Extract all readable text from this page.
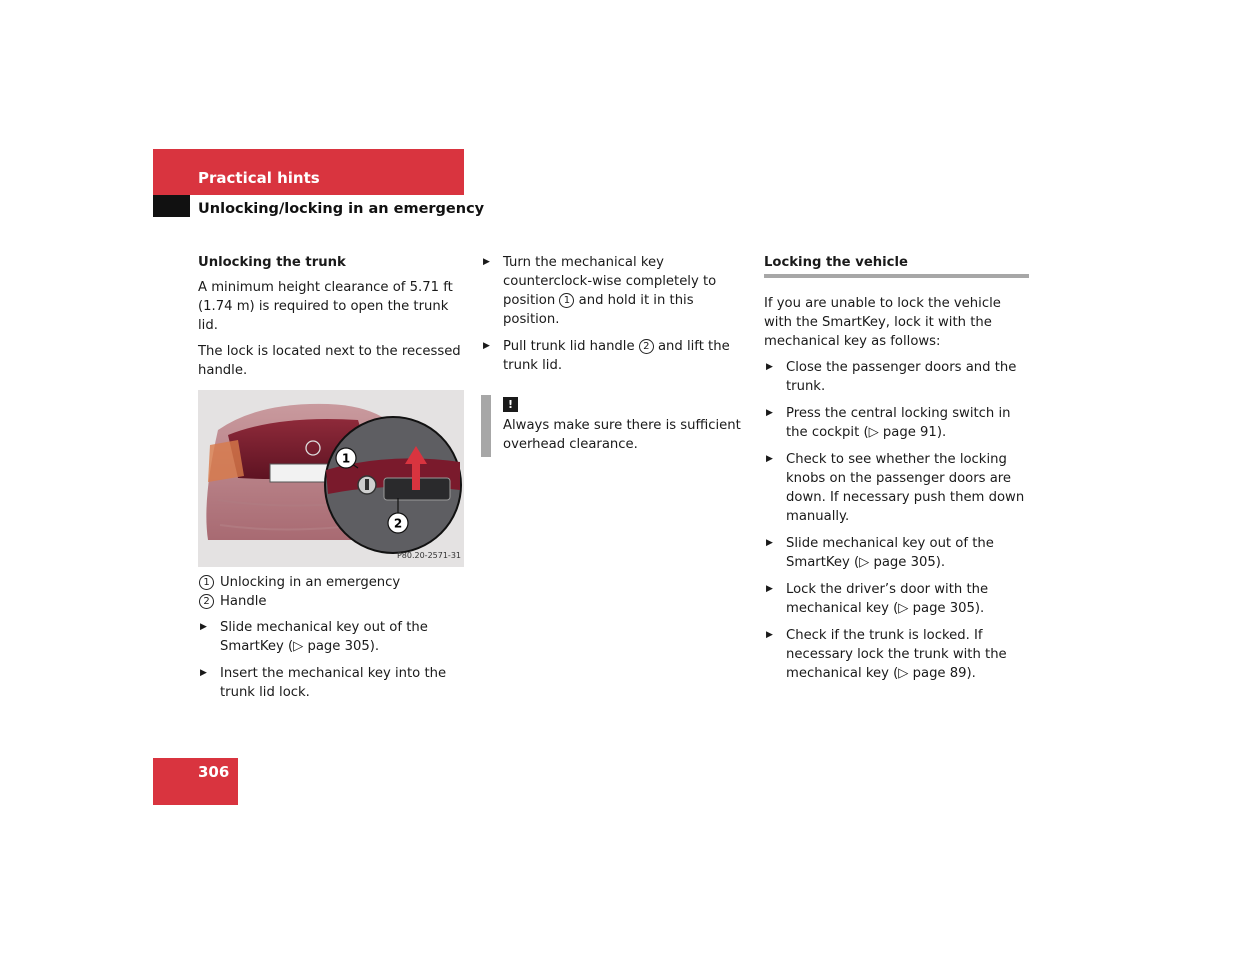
Practical hints
Unlocking/locking in an emergency
Unlocking the trunk

A minimum height clearance of 5.71 ft (1.74 m) is required to open the trunk lid.

The lock is located next to the recessed handle.

1
2
P80.20-2571-31
1 Unlocking in an emergency
2 Handle
▶ Slide mechanical key out of the SmartKey (▷ page 305).
▶ Insert the mechanical key into the trunk lid lock.
▶ Turn the mechanical key counterclock-wise completely to position 1 and hold it in this position.
▶ Pull trunk lid handle 2 and lift the trunk lid.
!
Always make sure there is sufficient overhead clearance.
Locking the vehicle

If you are unable to lock the vehicle with the SmartKey, lock it with the mechanical key as follows:

▶ Close the passenger doors and the trunk.
▶ Press the central locking switch in the cockpit (▷ page 91).
▶ Check to see whether the locking knobs on the passenger doors are down. If necessary push them down manually.
▶ Slide mechanical key out of the SmartKey (▷ page 305).
▶ Lock the driver’s door with the mechanical key (▷ page 305).
▶ Check if the trunk is locked. If necessary lock the trunk with the mechanical key (▷ page 89).
306
